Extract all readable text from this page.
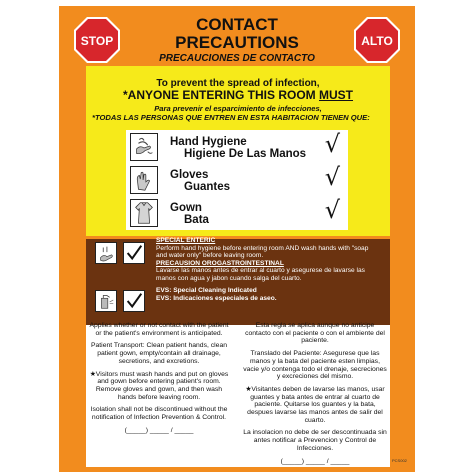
STOP	ALTO
CONTACT
PRECAUTIONS
PRECAUCIONES DE CONTACTO
To prevent the spread of infection,
*ANYONE ENTERING THIS ROOM MUST
Para prevenir el esparcimiento de infecciones,
*TODAS LAS PERSONAS QUE ENTREN EN ESTA HABITACION TIENEN QUE:
Hand Hygiene
Higiene De Las Manos √
Gloves
Guantes	√
Gown
Bata	√
SPECIAL ENTERIC
Perform hand hygiene before entering room AND wash hands with "soap and water only" before leaving room.
PRECAUSION OROGASTROINTESTINAL
Lavarse las manos antes de entrar al cuarto y asegurese de lavarse las manos con agua y jabon cuando salga del cuarto.
EVS: Special Cleaning Indicated
EVS: Indicaciones especiales de aseo.

Applies whether or not contact with the patient or the patient's environment is anticipated.

Patient Transport: Clean patient hands, clean patient gown, empty/contain all drainage, secretions, and excretions.

★Visitors must wash hands and put on gloves and gown before entering patient's room. Remove gloves and gown, and then wash hands before leaving room.

Isolation shall not be discontinued without the notification of Infection Prevention & Control.

(_____) _____ / _____

Esta regla se aplica aunque no anticipe contacto con el paciente o con el ambiente del paciente.

Translado del Paciente: Asegurese que las manos y la bata del paciente esten limpias, vacie y/o contenga todo el drenaje, secreciones y excreciones del mismo.

★Visitantes deben de lavarse las manos, usar guantes y bata antes de entrar al cuarto de paciente. Quitarse los guantes y la bata, despues lavarse las manos antes de salir del cuarto.

La insolacion no debe de ser descontinuada sin antes notificar a Prevencion y Control de Infecciones.

(_____) _____ / _____	PCS002
